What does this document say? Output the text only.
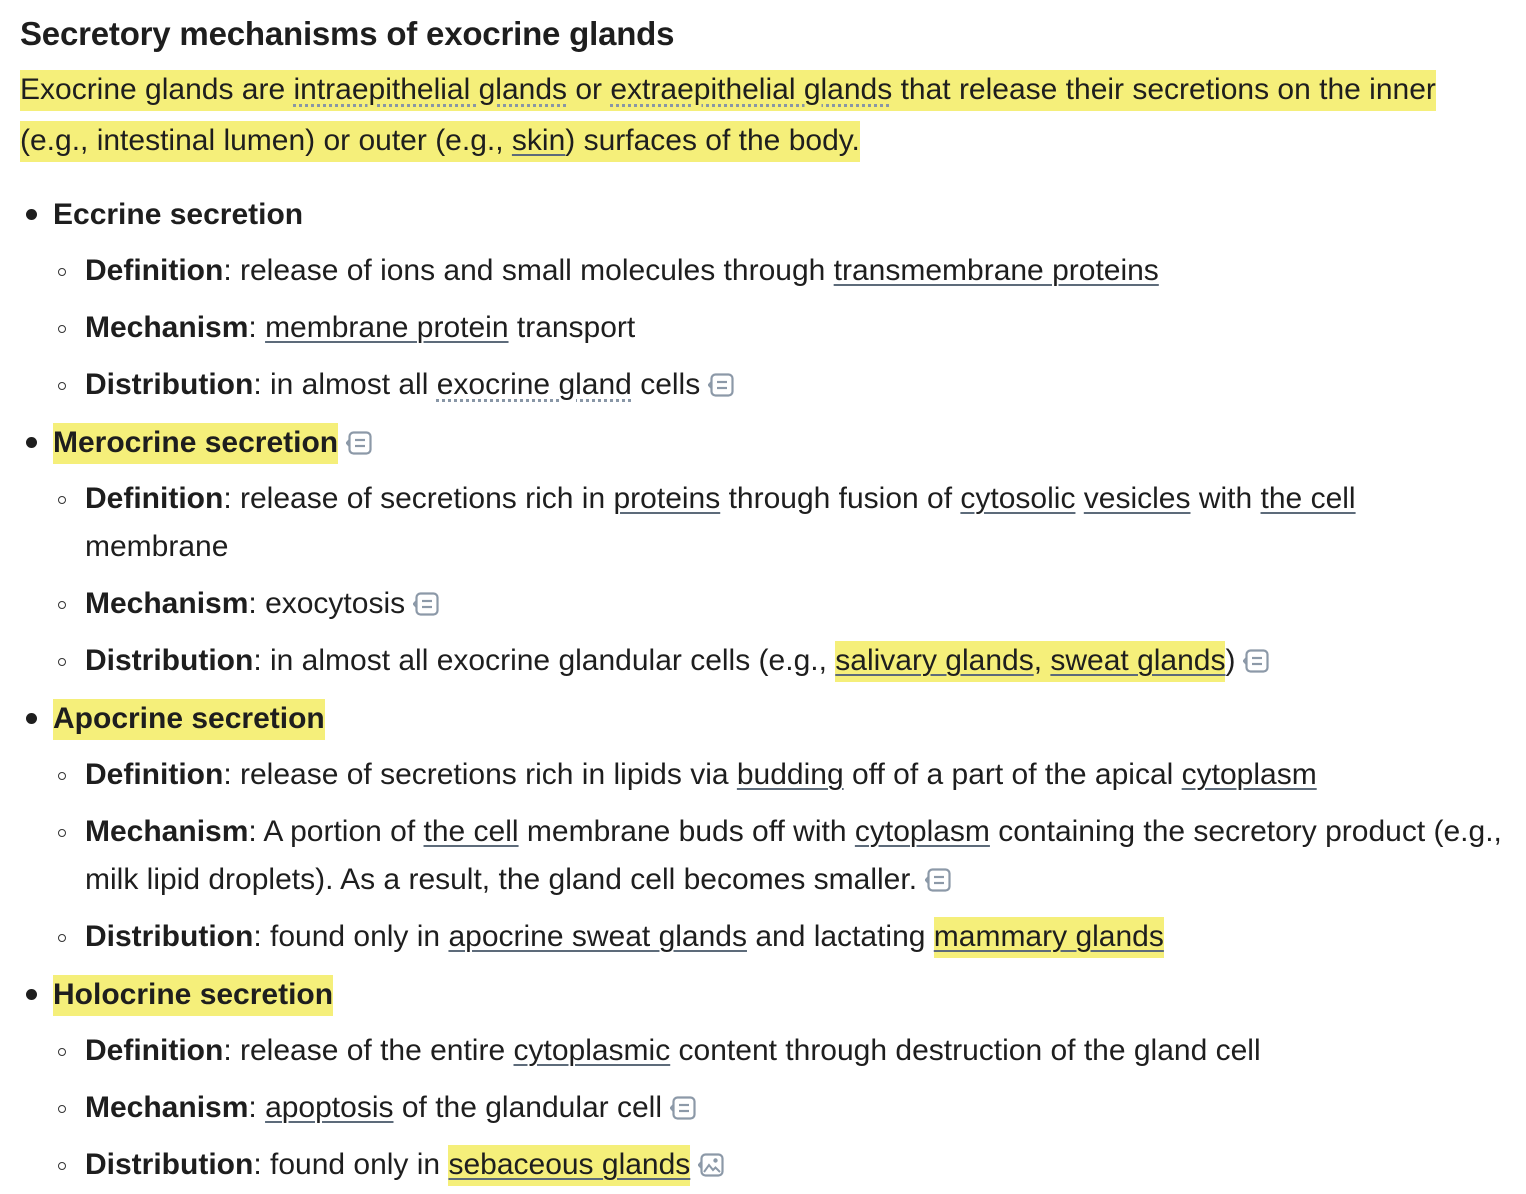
Secretory mechanisms of exocrine glands

Exocrine glands are intraepithelial glands or extraepithelial glands that release their secretions on the inner (e.g., intestinal lumen) or outer (e.g., skin) surfaces of the body.

Eccrine secretion
Definition: release of ions and small molecules through transmembrane proteins
Mechanism: membrane protein transport
Distribution: in almost all exocrine gland cells
Merocrine secretion
Definition: release of secretions rich in proteins through fusion of cytosolic vesicles with the cell membrane
Mechanism: exocytosis
Distribution: in almost all exocrine glandular cells (e.g., salivary glands, sweat glands)
Apocrine secretion
Definition: release of secretions rich in lipids via budding off of a part of the apical cytoplasm
Mechanism: A portion of the cell membrane buds off with cytoplasm containing the secretory product (e.g., milk lipid droplets). As a result, the gland cell becomes smaller.
Distribution: found only in apocrine sweat glands and lactating mammary glands
Holocrine secretion
Definition: release of the entire cytoplasmic content through destruction of the gland cell
Mechanism: apoptosis of the glandular cell
Distribution: found only in sebaceous glands
